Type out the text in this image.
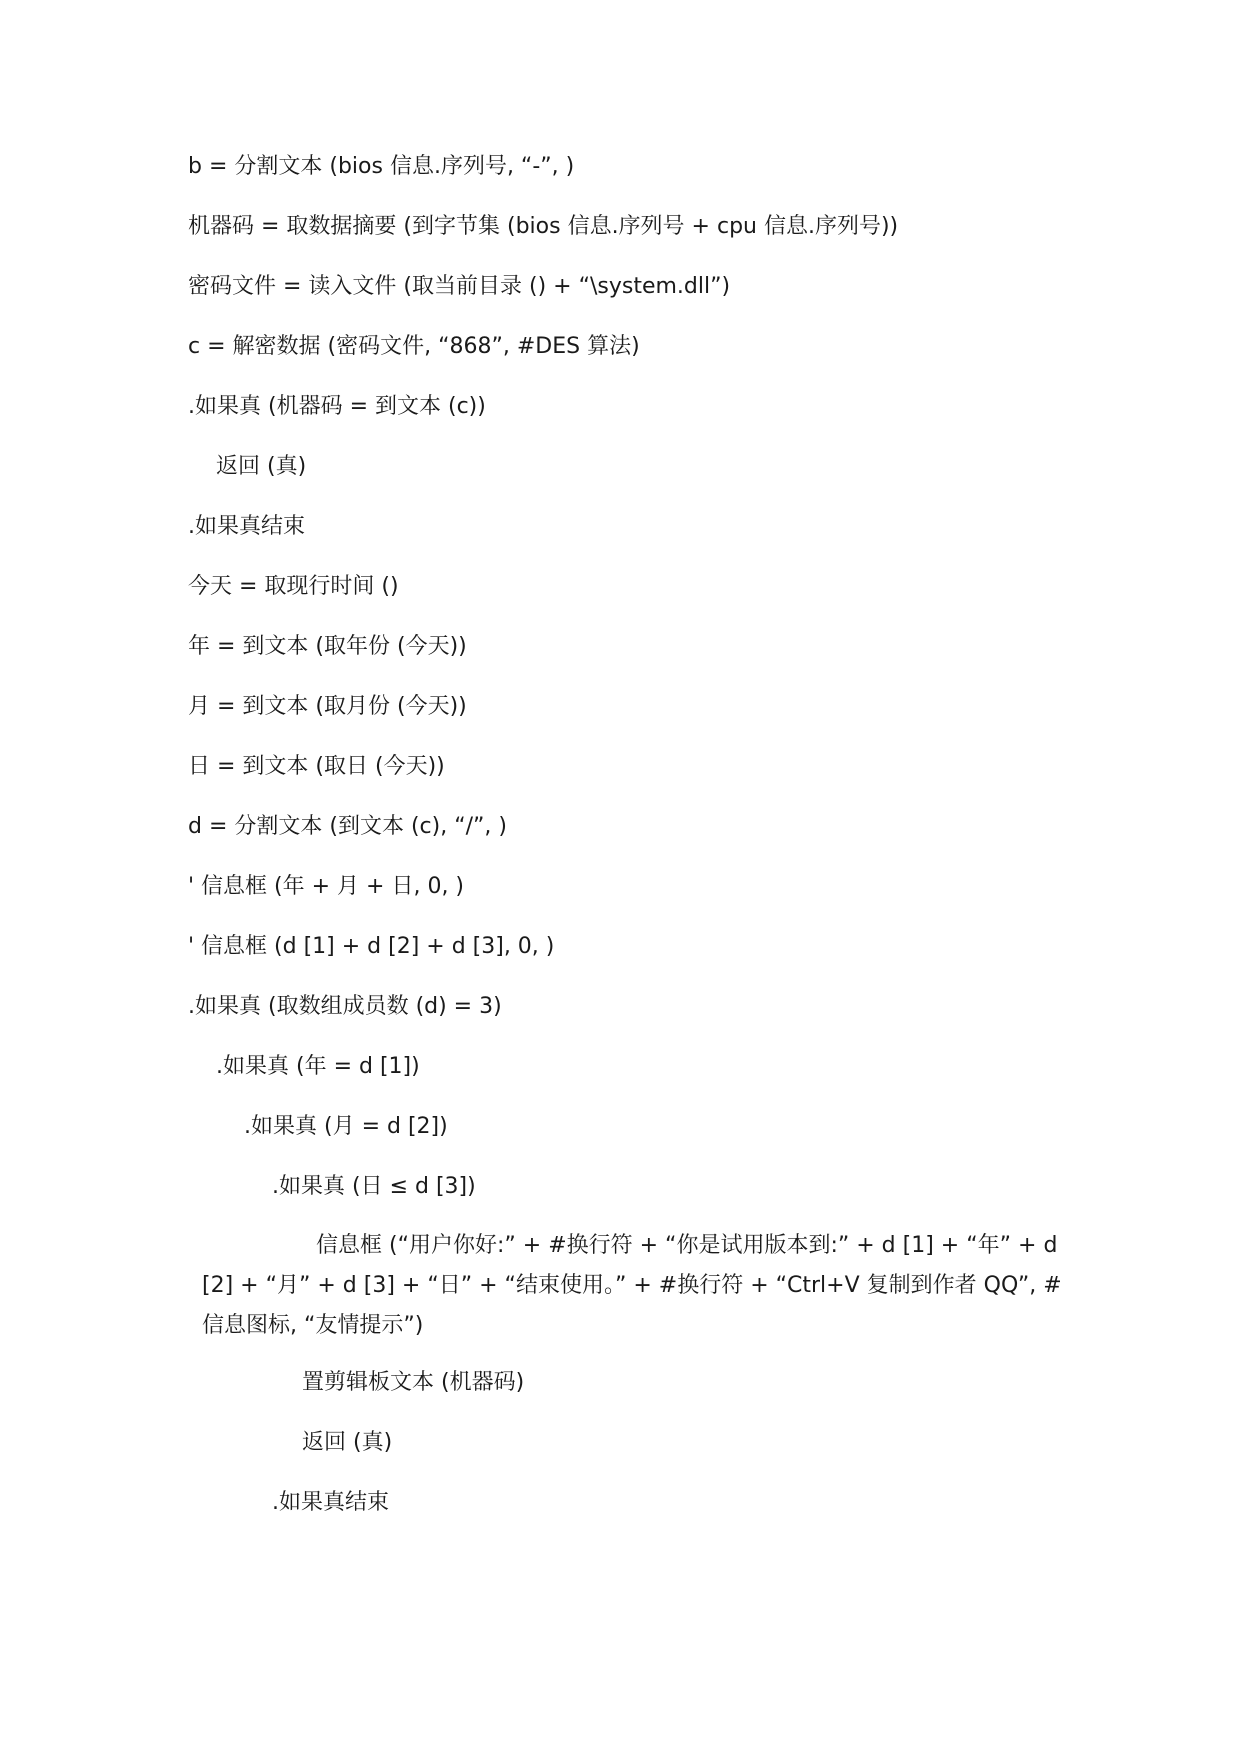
b = 分割文本 (bios 信息.序列号, “-”, )
机器码 = 取数据摘要 (到字节集 (bios 信息.序列号 + cpu 信息.序列号))
密码文件 = 读入文件 (取当前目录 () + “\system.dll”)
c = 解密数据 (密码文件, “868”, #DES 算法)
.如果真 (机器码 = 到文本 (c))
返回 (真)
.如果真结束
今天 = 取现行时间 ()
年 = 到文本 (取年份 (今天))
月 = 到文本 (取月份 (今天))
日 = 到文本 (取日 (今天))
d = 分割文本 (到文本 (c), “/”, )
' 信息框 (年 + 月 + 日, 0, )
' 信息框 (d [1] + d [2] + d [3], 0, )
.如果真 (取数组成员数 (d) = 3)
.如果真 (年 = d [1])
.如果真 (月 = d [2])
.如果真 (日 ≤ d [3])
信息框 (“用户你好:” + #换行符 + “你是试用版本到:” + d [1] + “年” + d [2] + “月” + d [3] + “日” + “结束使用。” + #换行符 + “Ctrl+V 复制到作者 QQ”, #信息图标, “友情提示”)
置剪辑板文本 (机器码)
返回 (真)
.如果真结束
